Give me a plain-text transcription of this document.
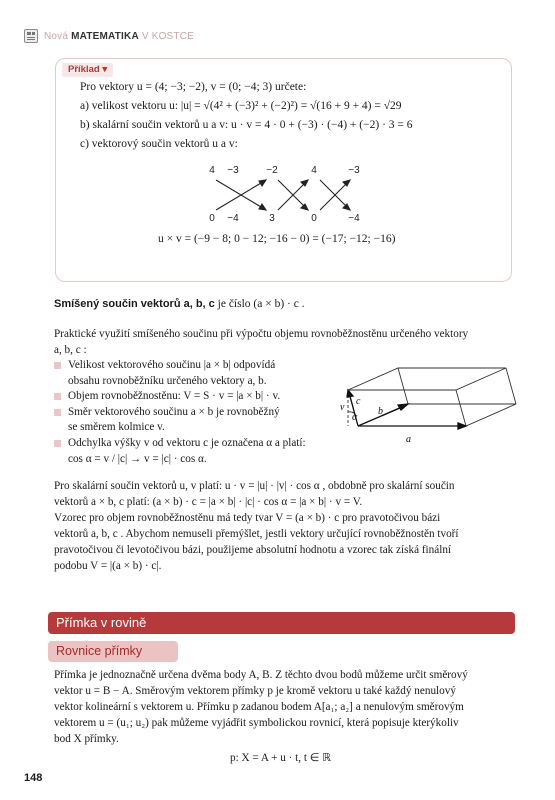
Nová MATEMATIKA V KOSTCE
Příklad ▾
Pro vektory u = (4; −3; −2), v = (0; −4; 3) určete:
a) velikost vektoru u: |u| = √(4² + (−3)² + (−2)²) = √(16 + 9 + 4) = √29
b) skalární součin vektorů u a v: u · v = 4 · 0 + (−3) · (−4) + (−2) · 3 = 6
c) vektorový součin vektorů u a v:
4 −3	−2	4	−3
0 −4	3	0	−4
u × v = (−9 − 8; 0 − 12; −16 − 0) = (−17; −12; −16)
Smíšený součin vektorů a, b, c je číslo (a × b) · c .
Praktické využití smíšeného součinu při výpočtu objemu rovnoběžnostěnu určeného vektory
a, b, c :
Velikost vektorového součinu |a × b| odpovídá
obsahu rovnoběžníku určeného vektory a, b.
Objem rovnoběžnostěnu: V = S · v = |a × b| · v.
Směr vektorového součinu a × b je rovnoběžný
se směrem kolmice v.
Odchylka výšky v od vektoru c je označena α a platí:
cos α = v / |c| → v = |c| · cos α.
v
c
α
b
a
Pro skalární součin vektorů u, v platí: u · v = |u| · |v| · cos α , obdobně pro skalární součin
vektorů a × b, c platí: (a × b) · c = |a × b| · |c| · cos α = |a × b| · v = V.
Vzorec pro objem rovnoběžnostěnu má tedy tvar V = (a × b) · c pro pravotočivou bázi
vektorů a, b, c . Abychom nemuseli přemýšlet, jestli vektory určující rovnoběžnostěn tvoří
pravotočivou či levotočivou bázi, použijeme absolutní hodnotu a vzorec tak získá finální
podobu V = |(a × b) · c|.
Přímka v rovině
Rovnice přímky
Přímka je jednoznačně určena dvěma body A, B. Z těchto dvou bodů můžeme určit směrový
vektor u = B − A. Směrovým vektorem přímky p je kromě vektoru u také každý nenulový
vektor kolineární s vektorem u. Přímku p zadanou bodem A[a₁; a₂] a nenulovým směrovým
vektorem u = (u₁; u₂) pak můžeme vyjádřit symbolickou rovnicí, která popisuje kterýkoliv
bod X přímky.
p: X = A + u · t, t ∈ ℝ
148
